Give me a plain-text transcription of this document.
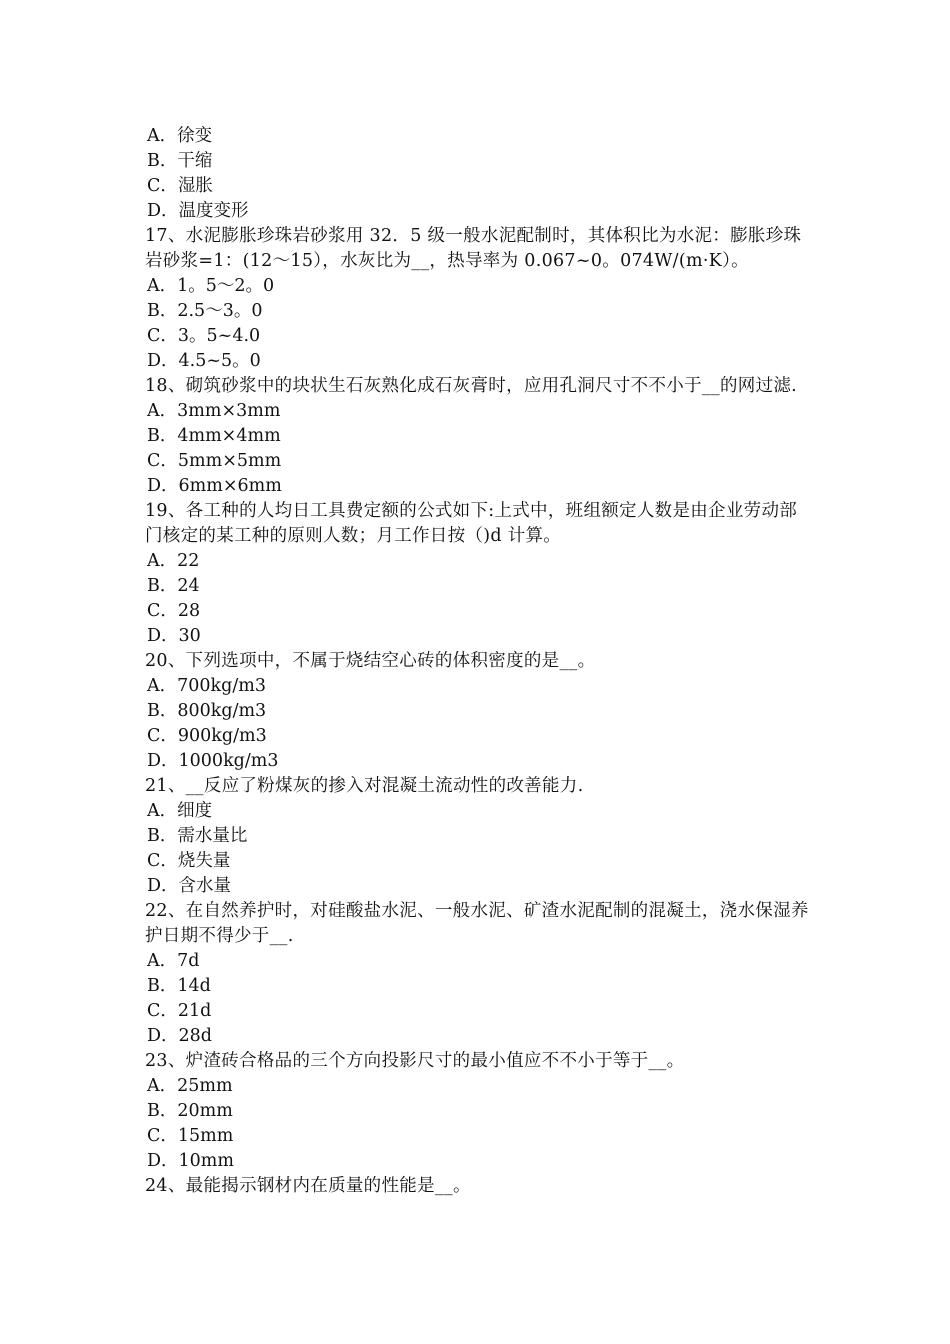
A．徐变
B．干缩
C．湿胀
D．温度变形
17、水泥膨胀珍珠岩砂浆用 32．5 级一般水泥配制时，其体积比为水泥：膨胀珍珠岩砂浆=1：(12～15），水灰比为__，热导率为 0.067~0。074W/(m·K）。
A．1。5～2。0
B．2.5～3。0
C．3。5~4.0
D．4.5~5。0
18、砌筑砂浆中的块状生石灰熟化成石灰膏时，应用孔洞尺寸不不小于__的网过滤.
A．3mm×3mm
B．4mm×4mm
C．5mm×5mm
D．6mm×6mm
19、各工种的人均日工具费定额的公式如下:上式中，班组额定人数是由企业劳动部门核定的某工种的原则人数；月工作日按（)d 计算。
A．22
B．24
C．28
D．30
20、下列选项中，不属于烧结空心砖的体积密度的是__。
A．700kg/m3
B．800kg/m3
C．900kg/m3
D．1000kg/m3
21、__反应了粉煤灰的掺入对混凝土流动性的改善能力.
A．细度
B．需水量比
C．烧失量
D．含水量
22、在自然养护时，对硅酸盐水泥、一般水泥、矿渣水泥配制的混凝土，浇水保湿养护日期不得少于__.
A．7d
B．14d
C．21d
D．28d
23、炉渣砖合格品的三个方向投影尺寸的最小值应不不小于等于__。
A．25mm
B．20mm
C．15mm
D．10mm
24、最能揭示钢材内在质量的性能是__。
